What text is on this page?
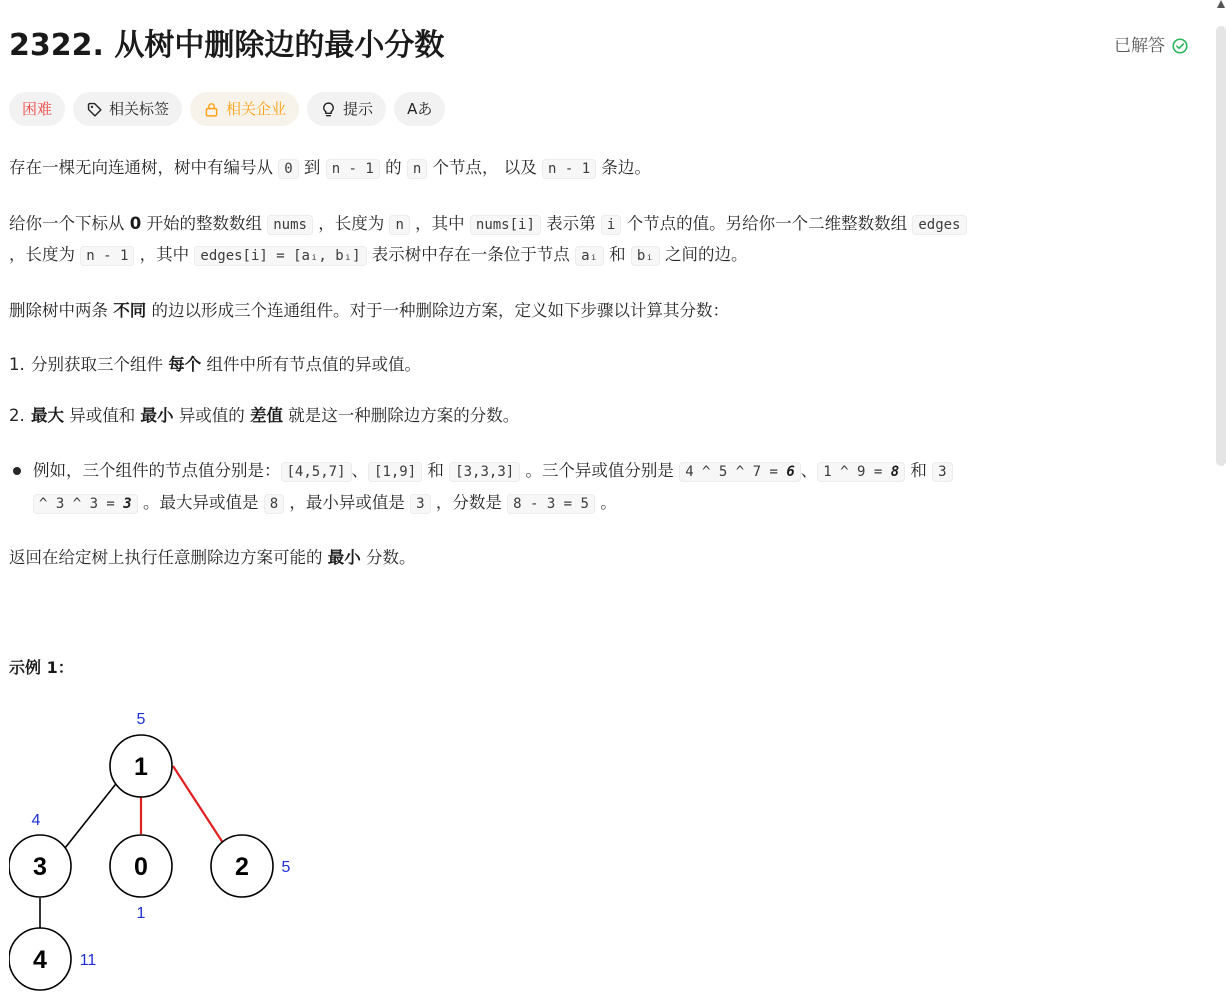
2322. 从树中删除边的最小分数	已解答
困难	相关标签	相关企业	提示 Aあ
存在一棵无向连通树，树中有编号从 0 到 n - 1 的 n 个节点， 以及 n - 1 条边。
给你一个下标从 0 开始的整数数组 nums ，长度为 n ，其中 nums[i] 表示第 i 个节点的值。另给你一个二维整数数组 edges
，长度为 n - 1 ，其中 edges[i] = [aᵢ, bᵢ] 表示树中存在一条位于节点 aᵢ 和 bᵢ 之间的边。
删除树中两条 不同 的边以形成三个连通组件。对于一种删除边方案，定义如下步骤以计算其分数：
1. 分别获取三个组件 每个 组件中所有节点值的异或值。
2. 最大 异或值和 最小 异或值的 差值 就是这一种删除边方案的分数。
例如，三个组件的节点值分别是： [4,5,7] 、 [1,9] 和 [3,3,3] 。三个异或值分别是 4 ^ 5 ^ 7 = 6 、 1 ^ 9 = 8 和 3
^ 3 ^ 3 = 3 。最大异或值是 8 ，最小异或值是 3 ，分数是 8 - 3 = 5 。
返回在给定树上执行任意删除边方案可能的 最小 分数。
示例 1：
1
5
3
4
0
1
2 5
4 11
